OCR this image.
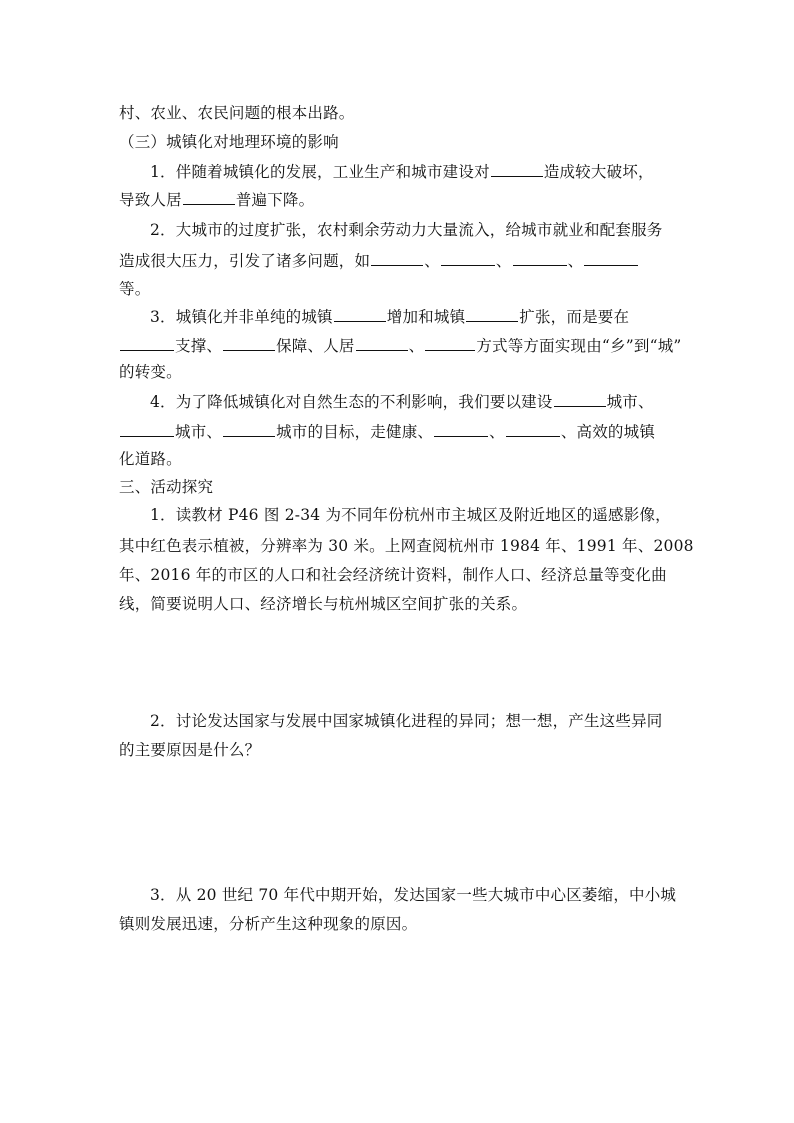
村、农业、农民问题的根本出路。
（三）城镇化对地理环境的影响
1．伴随着城镇化的发展，工业生产和城市建设对	造成较大破坏，
导致人居	普遍下降。
2．大城市的过度扩张，农村剩余劳动力大量流入，给城市就业和配套服务
造成很大压力，引发了诸多问题，如	、	、	、
等。
3．城镇化并非单纯的城镇	增加和城镇	扩张，而是要在
支撑、	保障、人居	、	方式等方面实现由“乡”到“城”
的转变。
4．为了降低城镇化对自然生态的不利影响，我们要以建设	城市、
城市、	城市的目标，走健康、	、	、高效的城镇
化道路。
三、活动探究
1．读教材 P46 图 2-34 为不同年份杭州市主城区及附近地区的遥感影像，
其中红色表示植被，分辨率为 30 米。上网查阅杭州市 1984 年、1991 年、2008
年、2016 年的市区的人口和社会经济统计资料，制作人口、经济总量等变化曲
线，简要说明人口、经济增长与杭州城区空间扩张的关系。
2．讨论发达国家与发展中国家城镇化进程的异同；想一想，产生这些异同
的主要原因是什么？
3．从 20 世纪 70 年代中期开始，发达国家一些大城市中心区萎缩，中小城
镇则发展迅速，分析产生这种现象的原因。
